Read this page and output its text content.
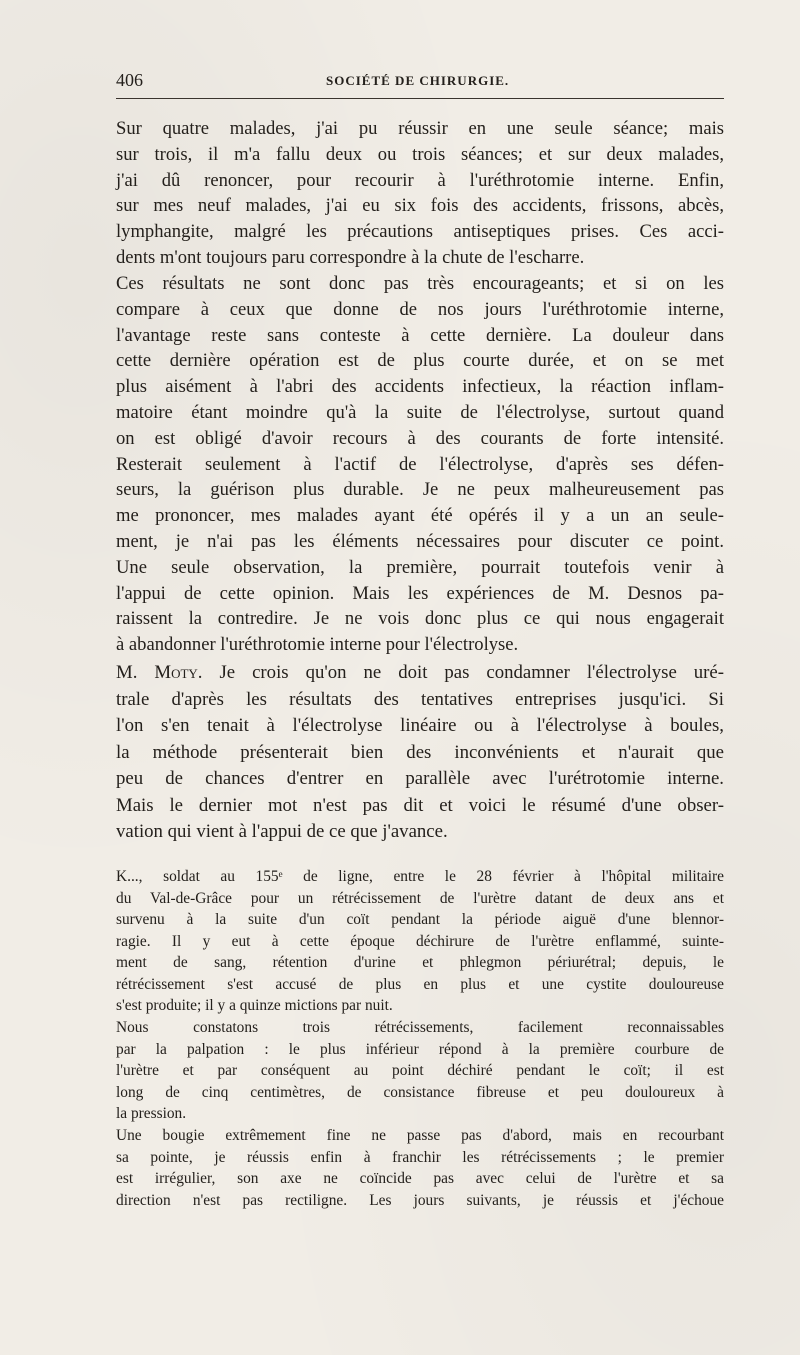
406	SOCIÉTÉ DE CHIRURGIE.
Sur quatre malades, j'ai pu réussir en une seule séance; mais
sur trois, il m'a fallu deux ou trois séances; et sur deux malades,
j'ai dû renoncer, pour recourir à l'uréthrotomie interne. Enfin,
sur mes neuf malades, j'ai eu six fois des accidents, frissons, abcès,
lymphangite, malgré les précautions antiseptiques prises. Ces acci-
dents m'ont toujours paru correspondre à la chute de l'escharre.
Ces résultats ne sont donc pas très encourageants; et si on les
compare à ceux que donne de nos jours l'uréthrotomie interne,
l'avantage reste sans conteste à cette dernière. La douleur dans
cette dernière opération est de plus courte durée, et on se met
plus aisément à l'abri des accidents infectieux, la réaction inflam-
matoire étant moindre qu'à la suite de l'électrolyse, surtout quand
on est obligé d'avoir recours à des courants de forte intensité.
Resterait seulement à l'actif de l'électrolyse, d'après ses défen-
seurs, la guérison plus durable. Je ne peux malheureusement pas
me prononcer, mes malades ayant été opérés il y a un an seule-
ment, je n'ai pas les éléments nécessaires pour discuter ce point.
Une seule observation, la première, pourrait toutefois venir à
l'appui de cette opinion. Mais les expériences de M. Desnos pa-
raissent la contredire. Je ne vois donc plus ce qui nous engagerait
à abandonner l'uréthrotomie interne pour l'électrolyse.
M. Moty. Je crois qu'on ne doit pas condamner l'électrolyse uré-
trale d'après les résultats des tentatives entreprises jusqu'ici. Si
l'on s'en tenait à l'électrolyse linéaire ou à l'électrolyse à boules,
la méthode présenterait bien des inconvénients et n'aurait que
peu de chances d'entrer en parallèle avec l'urétrotomie interne.
Mais le dernier mot n'est pas dit et voici le résumé d'une obser-
vation qui vient à l'appui de ce que j'avance.
K..., soldat au 155ᵉ de ligne, entre le 28 février à l'hôpital militaire
du Val-de-Grâce pour un rétrécissement de l'urètre datant de deux ans et
survenu à la suite d'un coït pendant la période aiguë d'une blennor-
ragie. Il y eut à cette époque déchirure de l'urètre enflammé, suinte-
ment de sang, rétention d'urine et phlegmon périurétral; depuis, le
rétrécissement s'est accusé de plus en plus et une cystite douloureuse
s'est produite; il y a quinze mictions par nuit.
Nous constatons trois rétrécissements, facilement reconnaissables
par la palpation : le plus inférieur répond à la première courbure de
l'urètre et par conséquent au point déchiré pendant le coït; il est
long de cinq centimètres, de consistance fibreuse et peu douloureux à
la pression.
Une bougie extrêmement fine ne passe pas d'abord, mais en recourbant
sa pointe, je réussis enfin à franchir les rétrécissements ; le premier
est irrégulier, son axe ne coïncide pas avec celui de l'urètre et sa
direction n'est pas rectiligne. Les jours suivants, je réussis et j'échoue
